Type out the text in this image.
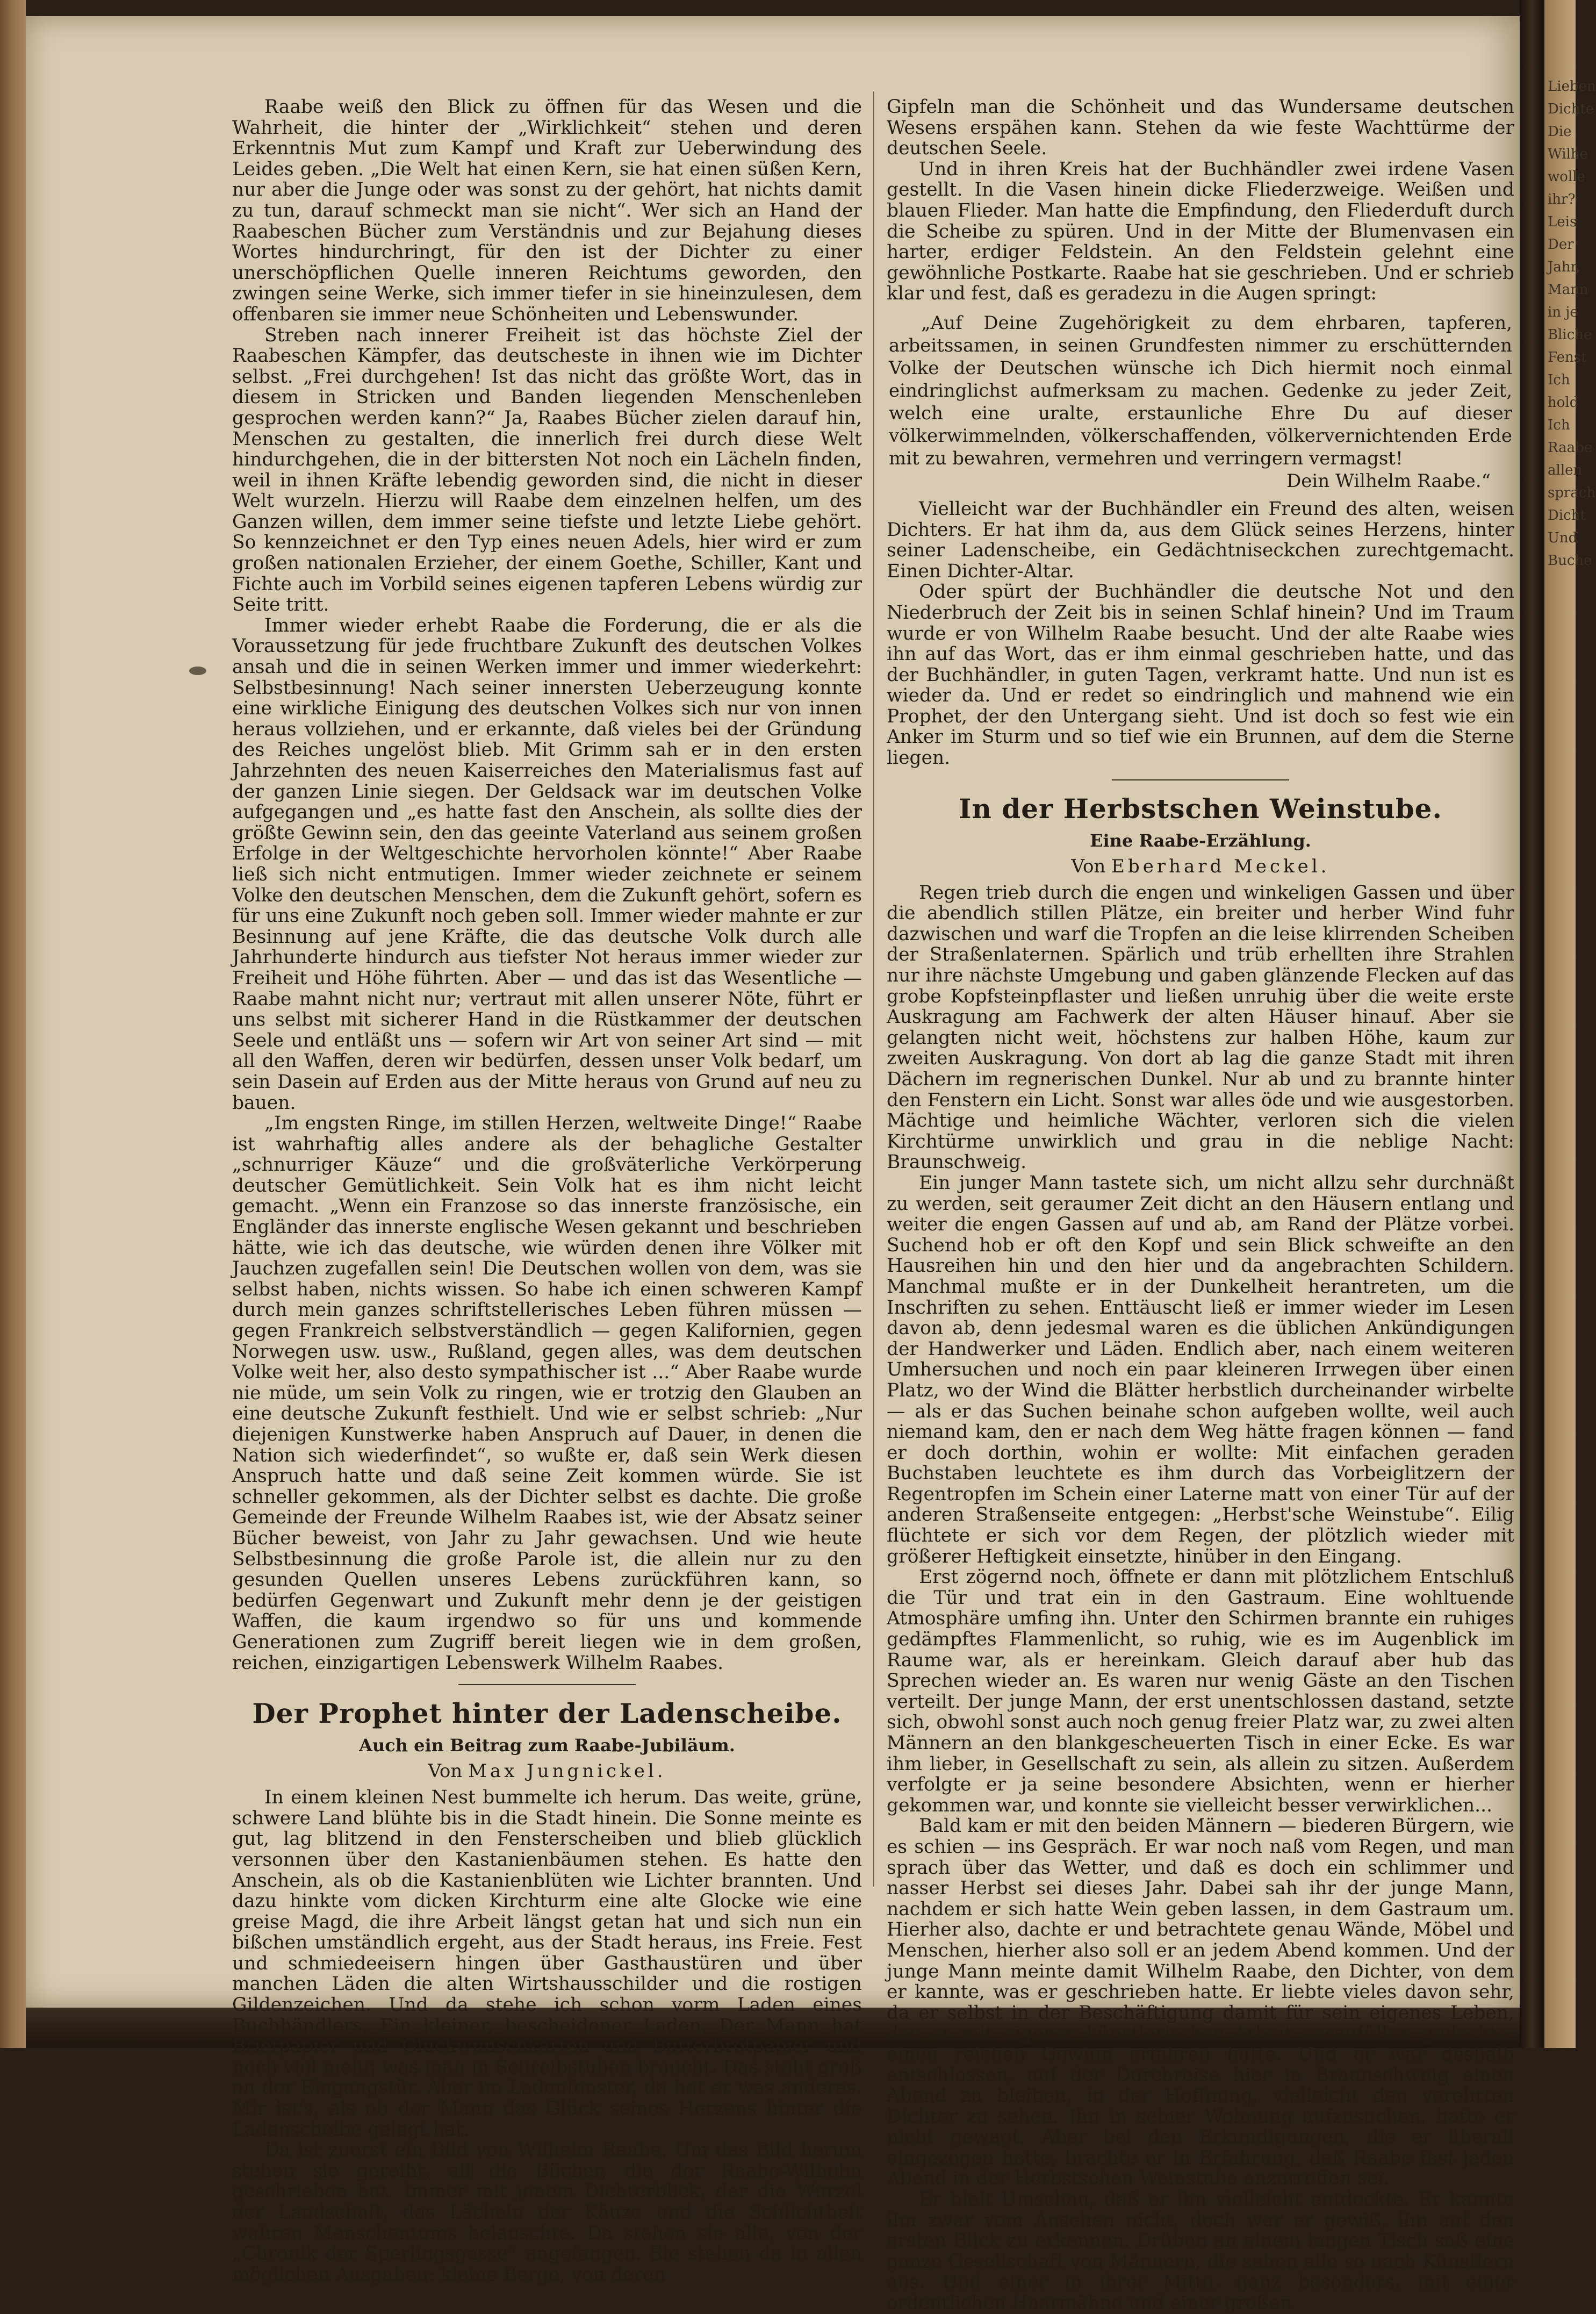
Lieben
Dichte
Die
Wilhe
wolle
ihr?
Leis
Der
Jahr,
Mann
in je
Bliche
Fenst
Ich
hold
Ich
Raabe
allen
sprach
Dicht
Und
Buche

Raabe weiß den Blick zu öffnen für das Wesen und die Wahrheit, die hinter der „Wirklichkeit“ stehen und deren Erkenntnis Mut zum Kampf und Kraft zur Ueberwindung des Leides geben. „Die Welt hat einen Kern, sie hat einen süßen Kern, nur aber die Junge oder was sonst zu der gehört, hat nichts damit zu tun, darauf schmeckt man sie nicht“. Wer sich an Hand der Raabeschen Bücher zum Verständnis und zur Bejahung dieses Wortes hindurchringt, für den ist der Dichter zu einer unerschöpflichen Quelle inneren Reichtums geworden, den zwingen seine Werke, sich immer tiefer in sie hineinzulesen, dem offenbaren sie immer neue Schönheiten und Lebenswunder.

Streben nach innerer Freiheit ist das höchste Ziel der Raabeschen Kämpfer, das deutscheste in ihnen wie im Dichter selbst. „Frei durchgehen! Ist das nicht das größte Wort, das in diesem in Stricken und Banden liegenden Menschenleben gesprochen werden kann?“ Ja, Raabes Bücher zielen darauf hin, Menschen zu gestalten, die innerlich frei durch diese Welt hindurchgehen, die in der bittersten Not noch ein Lächeln finden, weil in ihnen Kräfte lebendig geworden sind, die nicht in dieser Welt wurzeln. Hierzu will Raabe dem einzelnen helfen, um des Ganzen willen, dem immer seine tiefste und letzte Liebe gehört. So kennzeichnet er den Typ eines neuen Adels, hier wird er zum großen nationalen Erzieher, der einem Goethe, Schiller, Kant und Fichte auch im Vorbild seines eigenen tapferen Lebens würdig zur Seite tritt.

Immer wieder erhebt Raabe die Forderung, die er als die Voraussetzung für jede fruchtbare Zukunft des deutschen Volkes ansah und die in seinen Werken immer und immer wiederkehrt: Selbstbesinnung! Nach seiner innersten Ueberzeugung konnte eine wirkliche Einigung des deutschen Volkes sich nur von innen heraus vollziehen, und er erkannte, daß vieles bei der Gründung des Reiches ungelöst blieb. Mit Grimm sah er in den ersten Jahrzehnten des neuen Kaiserreiches den Materialismus fast auf der ganzen Linie siegen. Der Geldsack war im deutschen Volke aufgegangen und „es hatte fast den Anschein, als sollte dies der größte Gewinn sein, den das geeinte Vaterland aus seinem großen Erfolge in der Weltgeschichte hervorholen könnte!“ Aber Raabe ließ sich nicht entmutigen. Immer wieder zeichnete er seinem Volke den deutschen Menschen, dem die Zukunft gehört, sofern es für uns eine Zukunft noch geben soll. Immer wieder mahnte er zur Besinnung auf jene Kräfte, die das deutsche Volk durch alle Jahrhunderte hindurch aus tiefster Not heraus immer wieder zur Freiheit und Höhe führten. Aber — und das ist das Wesentliche — Raabe mahnt nicht nur; vertraut mit allen unserer Nöte, führt er uns selbst mit sicherer Hand in die Rüstkammer der deutschen Seele und entläßt uns — sofern wir Art von seiner Art sind — mit all den Waffen, deren wir bedürfen, dessen unser Volk bedarf, um sein Dasein auf Erden aus der Mitte heraus von Grund auf neu zu bauen.

„Im engsten Ringe, im stillen Herzen, weltweite Dinge!“ Raabe ist wahrhaftig alles andere als der behagliche Gestalter „schnurriger Käuze“ und die großväterliche Verkörperung deutscher Gemütlichkeit. Sein Volk hat es ihm nicht leicht gemacht. „Wenn ein Franzose so das innerste französische, ein Engländer das innerste englische Wesen gekannt und beschrieben hätte, wie ich das deutsche, wie würden denen ihre Völker mit Jauchzen zugefallen sein! Die Deutschen wollen von dem, was sie selbst haben, nichts wissen. So habe ich einen schweren Kampf durch mein ganzes schriftstellerisches Leben führen müssen — gegen Frankreich selbstverständlich — gegen Kalifornien, gegen Norwegen usw. usw., Rußland, gegen alles, was dem deutschen Volke weit her, also desto sympathischer ist ...“ Aber Raabe wurde nie müde, um sein Volk zu ringen, wie er trotzig den Glauben an eine deutsche Zukunft festhielt. Und wie er selbst schrieb: „Nur diejenigen Kunstwerke haben Anspruch auf Dauer, in denen die Nation sich wiederfindet“, so wußte er, daß sein Werk diesen Anspruch hatte und daß seine Zeit kommen würde. Sie ist schneller gekommen, als der Dichter selbst es dachte. Die große Gemeinde der Freunde Wilhelm Raabes ist, wie der Absatz seiner Bücher beweist, von Jahr zu Jahr gewachsen. Und wie heute Selbstbesinnung die große Parole ist, die allein nur zu den gesunden Quellen unseres Lebens zurückführen kann, so bedürfen Gegenwart und Zukunft mehr denn je der geistigen Waffen, die kaum irgendwo so für uns und kommende Generationen zum Zugriff bereit liegen wie in dem großen, reichen, einzigartigen Lebenswerk Wilhelm Raabes.

Der Prophet hinter der Ladenscheibe.
Auch ein Beitrag zum Raabe-Jubiläum.
Von Max Jungnickel.

In einem kleinen Nest bummelte ich herum. Das weite, grüne, schwere Land blühte bis in die Stadt hinein. Die Sonne meinte es gut, lag blitzend in den Fensterscheiben und blieb glücklich versonnen über den Kastanienbäumen stehen. Es hatte den Anschein, als ob die Kastanienblüten wie Lichter brannten. Und dazu hinkte vom dicken Kirchturm eine alte Glocke wie eine greise Magd, die ihre Arbeit längst getan hat und sich nun ein bißchen umständlich ergeht, aus der Stadt heraus, ins Freie. Fest und schmiedeeisern hingen über Gasthaustüren und über manchen Läden die alten Wirtshausschilder und die rostigen Gildenzeichen. Und da stehe ich schon vorm Laden eines Buchhändlers. Ein kleiner, bescheidener Laden. Der Mann hat Briefpapier und Glückwunschkarten und Butterbrotpapier und noch viel mehr, was man in Schreibstuben braucht. Das steht groß an der Eingangstür. Aber im Ladenfenster, da hat er was anderes. Mir ist's, als ob der Mann das Glück seines Herzens hinter die Ladenscheibe gelegt hat.

Da ist zuerst ein Bild von Wilhelm Raabe. Um das Bild herum stehen sie gereiht, all die Bücher, die der Raabe-Wilhelm geschrieben hat. Immer mit jenem Dichterblick, der die Wurzel der Landschaft, das Lächeln der Käuze und die Schlichtheit wahren Menschentums belauschte. Da stehen sie alle, von der „Chronik der Sperlingsgasse“ angefangen. Sie stehen da in allen möglichen Ausgaben: kleine Berge, von deren

Gipfeln man die Schönheit und das Wundersame deutschen Wesens erspähen kann. Stehen da wie feste Wachttürme der deutschen Seele.

Und in ihren Kreis hat der Buchhändler zwei irdene Vasen gestellt. In die Vasen hinein dicke Fliederzweige. Weißen und blauen Flieder. Man hatte die Empfindung, den Fliederduft durch die Scheibe zu spüren. Und in der Mitte der Blumenvasen ein harter, erdiger Feldstein. An den Feldstein gelehnt eine gewöhnliche Postkarte. Raabe hat sie geschrieben. Und er schrieb klar und fest, daß es geradezu in die Augen springt:

„Auf Deine Zugehörigkeit zu dem ehrbaren, tapferen, arbeitssamen, in seinen Grundfesten nimmer zu erschütternden Volke der Deutschen wünsche ich Dich hiermit noch einmal eindringlichst aufmerksam zu machen. Gedenke zu jeder Zeit, welch eine uralte, erstaunliche Ehre Du auf dieser völkerwimmelnden, völkerschaffenden, völkervernichtenden Erde mit zu bewahren, vermehren und verringern vermagst!

Dein Wilhelm Raabe.“

Vielleicht war der Buchhändler ein Freund des alten, weisen Dichters. Er hat ihm da, aus dem Glück seines Herzens, hinter seiner Ladenscheibe, ein Gedächtniseckchen zurechtgemacht. Einen Dichter-Altar.

Oder spürt der Buchhändler die deutsche Not und den Niederbruch der Zeit bis in seinen Schlaf hinein? Und im Traum wurde er von Wilhelm Raabe besucht. Und der alte Raabe wies ihn auf das Wort, das er ihm einmal geschrieben hatte, und das der Buchhändler, in guten Tagen, verkramt hatte. Und nun ist es wieder da. Und er redet so eindringlich und mahnend wie ein Prophet, der den Untergang sieht. Und ist doch so fest wie ein Anker im Sturm und so tief wie ein Brunnen, auf dem die Sterne liegen.

In der Herbstschen Weinstube.
Eine Raabe-Erzählung.
Von Eberhard Meckel.

Regen trieb durch die engen und winkeligen Gassen und über die abendlich stillen Plätze, ein breiter und herber Wind fuhr dazwischen und warf die Tropfen an die leise klirrenden Scheiben der Straßenlaternen. Spärlich und trüb erhellten ihre Strahlen nur ihre nächste Umgebung und gaben glänzende Flecken auf das grobe Kopfsteinpflaster und ließen unruhig über die weite erste Auskragung am Fachwerk der alten Häuser hinauf. Aber sie gelangten nicht weit, höchstens zur halben Höhe, kaum zur zweiten Auskragung. Von dort ab lag die ganze Stadt mit ihren Dächern im regnerischen Dunkel. Nur ab und zu brannte hinter den Fenstern ein Licht. Sonst war alles öde und wie ausgestorben. Mächtige und heimliche Wächter, verloren sich die vielen Kirchtürme unwirklich und grau in die neblige Nacht: Braunschweig.

Ein junger Mann tastete sich, um nicht allzu sehr durchnäßt zu werden, seit geraumer Zeit dicht an den Häusern entlang und weiter die engen Gassen auf und ab, am Rand der Plätze vorbei. Suchend hob er oft den Kopf und sein Blick schweifte an den Hausreihen hin und den hier und da angebrachten Schildern. Manchmal mußte er in der Dunkelheit herantreten, um die Inschriften zu sehen. Enttäuscht ließ er immer wieder im Lesen davon ab, denn jedesmal waren es die üblichen Ankündigungen der Handwerker und Läden. Endlich aber, nach einem weiteren Umhersuchen und noch ein paar kleineren Irrwegen über einen Platz, wo der Wind die Blätter herbstlich durcheinander wirbelte — als er das Suchen beinahe schon aufgeben wollte, weil auch niemand kam, den er nach dem Weg hätte fragen können — fand er doch dorthin, wohin er wollte: Mit einfachen geraden Buchstaben leuchtete es ihm durch das Vorbeiglitzern der Regentropfen im Schein einer Laterne matt von einer Tür auf der anderen Straßenseite entgegen: „Herbst'sche Weinstube“. Eilig flüchtete er sich vor dem Regen, der plötzlich wieder mit größerer Heftigkeit einsetzte, hinüber in den Eingang.

Erst zögernd noch, öffnete er dann mit plötzlichem Entschluß die Tür und trat ein in den Gastraum. Eine wohltuende Atmosphäre umfing ihn. Unter den Schirmen brannte ein ruhiges gedämpftes Flammenlicht, so ruhig, wie es im Augenblick im Raume war, als er hereinkam. Gleich darauf aber hub das Sprechen wieder an. Es waren nur wenig Gäste an den Tischen verteilt. Der junge Mann, der erst unentschlossen dastand, setzte sich, obwohl sonst auch noch genug freier Platz war, zu zwei alten Männern an den blankgescheuerten Tisch in einer Ecke. Es war ihm lieber, in Gesellschaft zu sein, als allein zu sitzen. Außerdem verfolgte er ja seine besondere Absichten, wenn er hierher gekommen war, und konnte sie vielleicht besser verwirklichen...

Bald kam er mit den beiden Männern — biederen Bürgern, wie es schien — ins Gespräch. Er war noch naß vom Regen, und man sprach über das Wetter, und daß es doch ein schlimmer und nasser Herbst sei dieses Jahr. Dabei sah ihr der junge Mann, nachdem er sich hatte Wein geben lassen, in dem Gastraum um. Hierher also, dachte er und betrachtete genau Wände, Möbel und Menschen, hierher also soll er an jedem Abend kommen. Und der junge Mann meinte damit Wilhelm Raabe, den Dichter, von dem er kannte, was er geschrieben hatte. Er liebte vieles davon sehr, da er selbst in der Beschäftigung damit für sein eigenes Leben, das er mit eigener künstlerischer Arbeit auszufüllen gedachte, einen reichen Gewinn erfahren hatte. Und er war deshalb entschlossen, auf der Durchreise hier in Braunschweig einen Abend zu bleiben, in der Hoffnung, vielleicht den verehrten Dichter zu sehen. Ihn in seiner Wohnung aufzusuchen, hatte er nicht gewagt. Aber bei den Erkundigungen, die er überall eingezogen hatte, brachte er in Erfahrung, daß Raabe fast jeden Abend in der Herbstschen Weinstube anzutreffen sei.

Er hielt Umschau, daß er ihn vielleicht entdeckte. Er kannte ihn zwar vom Ansehen nicht, doch war er gewiß, ihn auf den ersten Blick zu erkennen. Drüben an einem langen Tisch saß eine ganze Gesellschaft von Männern, die sahen alle so nach Künstlern aus. Und einer in ihrer Mitte, ganz besonders, mit einer ordentlichen Haarmähne und einer großen
